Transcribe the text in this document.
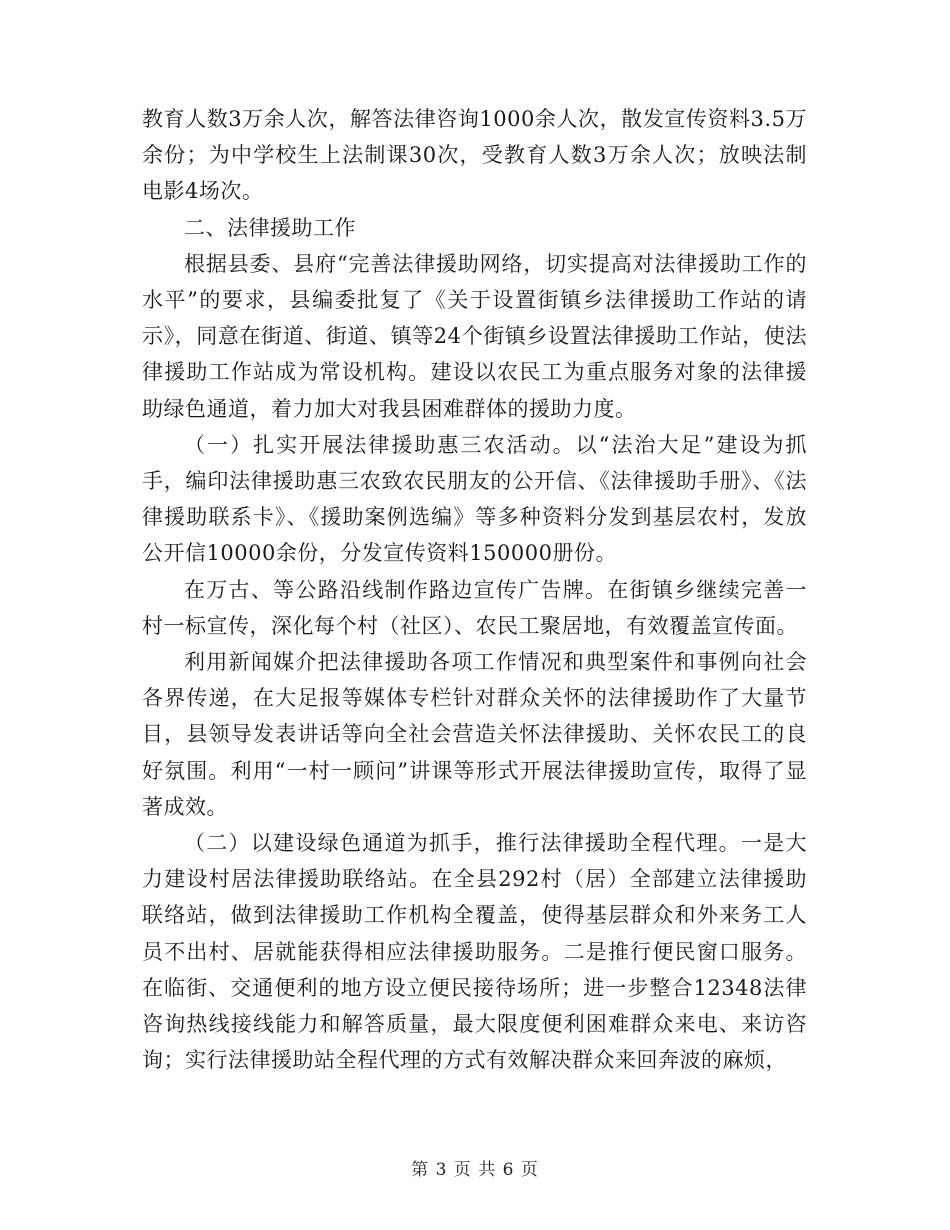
教育人数3万余人次，解答法律咨询1000余人次，散发宣传资料3.5万余份；为中学校生上法制课30次，受教育人数3万余人次；放映法制电影4场次。

二、法律援助工作

根据县委、县府“完善法律援助网络，切实提高对法律援助工作的水平”的要求，县编委批复了《关于设置街镇乡法律援助工作站的请示》，同意在街道、街道、镇等24个街镇乡设置法律援助工作站，使法律援助工作站成为常设机构。建设以农民工为重点服务对象的法律援助绿色通道，着力加大对我县困难群体的援助力度。

（一）扎实开展法律援助惠三农活动。以“法治大足”建设为抓手，编印法律援助惠三农致农民朋友的公开信、《法律援助手册》、《法律援助联系卡》、《援助案例选编》等多种资料分发到基层农村，发放公开信10000余份，分发宣传资料150000册份。

在万古、等公路沿线制作路边宣传广告牌。在街镇乡继续完善一村一标宣传，深化每个村（社区）、农民工聚居地，有效覆盖宣传面。

利用新闻媒介把法律援助各项工作情况和典型案件和事例向社会各界传递，在大足报等媒体专栏针对群众关怀的法律援助作了大量节目，县领导发表讲话等向全社会营造关怀法律援助、关怀农民工的良好氛围。利用“一村一顾问”讲课等形式开展法律援助宣传，取得了显著成效。

（二）以建设绿色通道为抓手，推行法律援助全程代理。一是大力建设村居法律援助联络站。在全县292村（居）全部建立法律援助联络站，做到法律援助工作机构全覆盖，使得基层群众和外来务工人员不出村、居就能获得相应法律援助服务。二是推行便民窗口服务。在临街、交通便利的地方设立便民接待场所；进一步整合12348法律咨询热线接线能力和解答质量，最大限度便利困难群众来电、来访咨询；实行法律援助站全程代理的方式有效解决群众来回奔波的麻烦，

第 3 页 共 6 页
